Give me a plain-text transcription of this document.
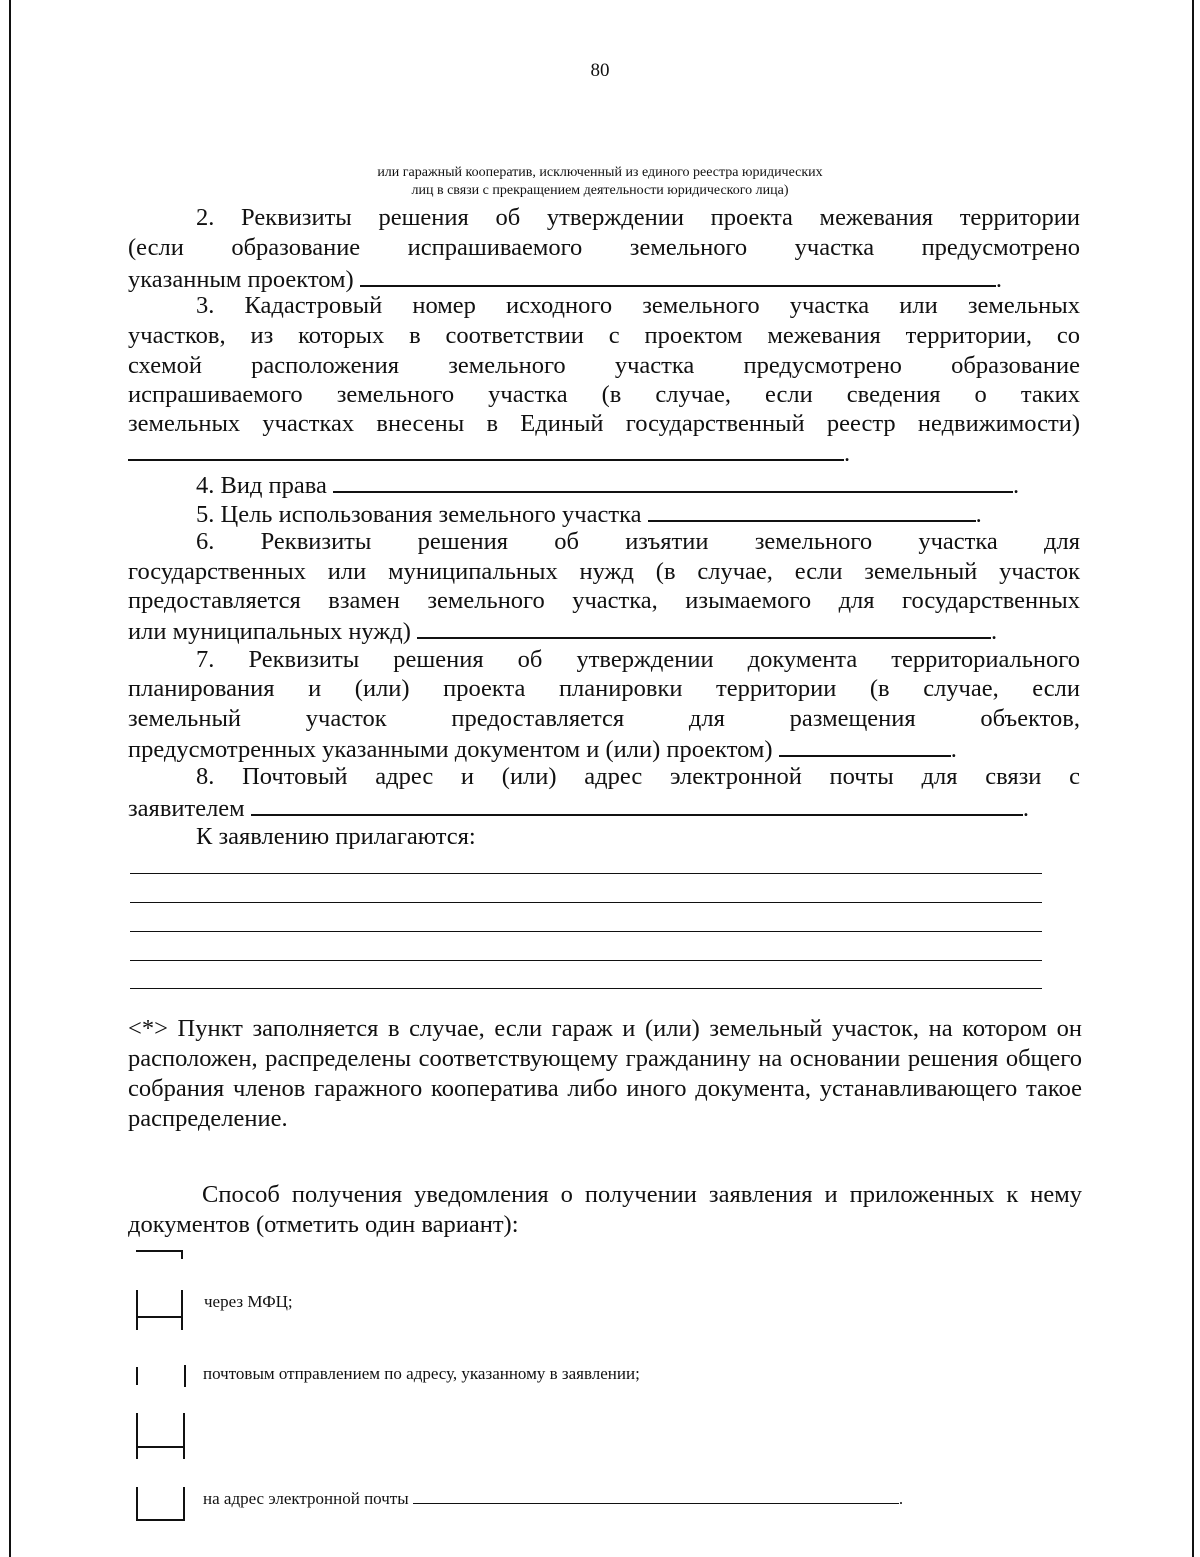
80
или гаражный кооператив, исключенный из единого реестра юридических
лиц в связи с прекращением деятельности юридического лица)
2. Реквизиты решения об утверждении проекта межевания территории
(если образование испрашиваемого земельного участка предусмотрено
указанным проектом)	.
3. Кадастровый номер исходного земельного участка или земельных
участков, из которых в соответствии с проектом межевания территории, со
схемой расположения земельного участка предусмотрено образование
испрашиваемого земельного участка (в случае, если сведения о таких
земельных участках внесены в Единый государственный реестр недвижимости)
.
4. Вид права	.
5. Цель использования земельного участка	.
6. Реквизиты решения об изъятии земельного участка для
государственных или муниципальных нужд (в случае, если земельный участок
предоставляется взамен земельного участка, изымаемого для государственных
или муниципальных нужд)	.
7. Реквизиты решения об утверждении документа территориального
планирования и (или) проекта планировки территории (в случае, если
земельный участок предоставляется для размещения объектов,
предусмотренных указанными документом и (или) проектом)	.
8. Почтовый адрес и (или) адрес электронной почты для связи с
заявителем	.
К заявлению прилагаются:
<*> Пункт заполняется в случае, если гараж и (или) земельный участок, на котором он расположен, распределены соответствующему гражданину на основании решения общего собрания членов гаражного кооператива либо иного документа, устанавливающего такое распределение.
Способ получения уведомления о получении заявления и приложенных к нему документов (отметить один вариант):
через МФЦ;
почтовым отправлением по адресу, указанному в заявлении;
на адрес электронной почты	.
